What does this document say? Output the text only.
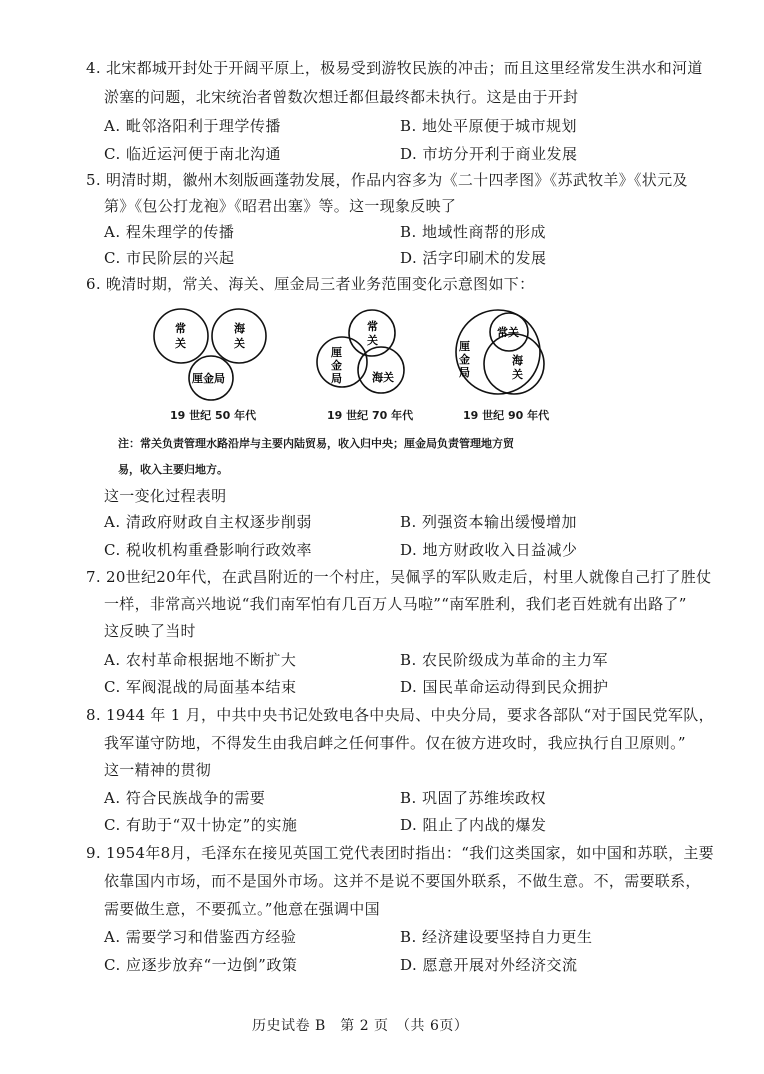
4. 北宋都城开封处于开阔平原上，极易受到游牧民族的冲击；而且这里经常发生洪水和河道
淤塞的问题，北宋统治者曾数次想迁都但最终都未执行。这是由于开封
A. 毗邻洛阳利于理学传播	B. 地处平原便于城市规划
C. 临近运河便于南北沟通	D. 市坊分开利于商业发展
5. 明清时期，徽州木刻版画蓬勃发展，作品内容多为《二十四孝图》《苏武牧羊》《状元及
第》《包公打龙袍》《昭君出塞》等。这一现象反映了
A. 程朱理学的传播	B. 地域性商帮的形成
C. 市民阶层的兴起	D. 活字印刷术的发展
6. 晚清时期，常关、海关、厘金局三者业务范围变化示意图如下：
常
关
海
关
厘金局
19 世纪 50 年代
常
关
厘
金
局	海 关
19 世纪 70 年代
常 关
厘
金
局
海
关
19 世纪 90 年代
注：常关负责管理水路沿岸与主要内陆贸易，收入归中央；厘金局负责管理地方贸
易，收入主要归地方。
这一变化过程表明
A. 清政府财政自主权逐步削弱	B. 列强资本输出缓慢增加
C. 税收机构重叠影响行政效率	D. 地方财政收入日益减少
7. 20世纪20年代，在武昌附近的一个村庄，吴佩孚的军队败走后，村里人就像自己打了胜仗
一样，非常高兴地说“我们南军怕有几百万人马啦”“南军胜利，我们老百姓就有出路了”
这反映了当时
A. 农村革命根据地不断扩大	B. 农民阶级成为革命的主力军
C. 军阀混战的局面基本结束	D. 国民革命运动得到民众拥护
8. 1944 年 1 月，中共中央书记处致电各中央局、中央分局，要求各部队“对于国民党军队，
我军谨守防地，不得发生由我启衅之任何事件。仅在彼方进攻时，我应执行自卫原则。”
这一精神的贯彻
A. 符合民族战争的需要	B. 巩固了苏维埃政权
C. 有助于“双十协定”的实施	D. 阻止了内战的爆发
9. 1954年8月，毛泽东在接见英国工党代表团时指出：“我们这类国家，如中国和苏联，主要
依靠国内市场，而不是国外市场。这并不是说不要国外联系，不做生意。不，需要联系，
需要做生意，不要孤立。”他意在强调中国
A. 需要学习和借鉴西方经验	B. 经济建设要坚持自力更生
C. 应逐步放弃“一边倒”政策	D. 愿意开展对外经济交流
历史试卷 B　第 2 页　（共 6页）
